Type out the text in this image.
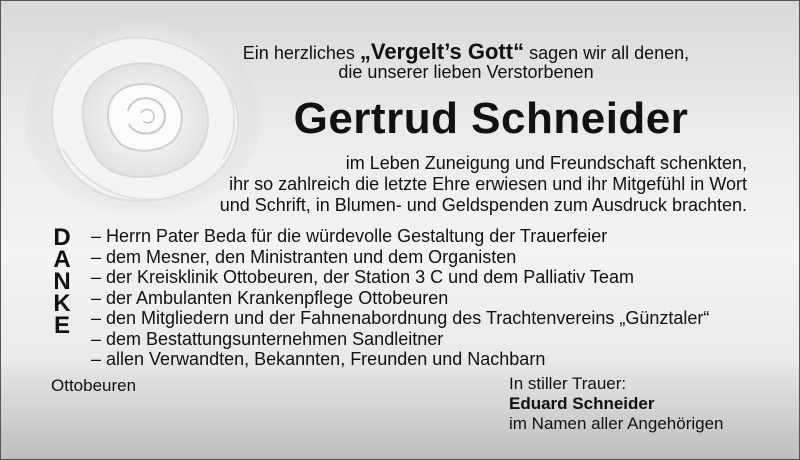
Ein herzliches „Vergelt’s Gott“ sagen wir all denen,
die unserer lieben Verstorbenen
Gertrud Schneider
im Leben Zuneigung und Freundschaft schenkten,
ihr so zahlreich die letzte Ehre erwiesen und ihr Mitgefühl in Wort
und Schrift, in Blumen- und Geldspenden zum Ausdruck brachten.
D
A
N
K
E
– Herrn Pater Beda für die würdevolle Gestaltung der Trauerfeier
– dem Mesner, den Ministranten und dem Organisten
– der Kreisklinik Ottobeuren, der Station 3 C und dem Palliativ Team
– der Ambulanten Krankenpflege Ottobeuren
– den Mitgliedern und der Fahnenabordnung des Trachtenvereins „Günztaler“
– dem Bestattungsunternehmen Sandleitner
– allen Verwandten, Bekannten, Freunden und Nachbarn
Ottobeuren	In stiller Trauer:
Eduard Schneider
im Namen aller Angehörigen
